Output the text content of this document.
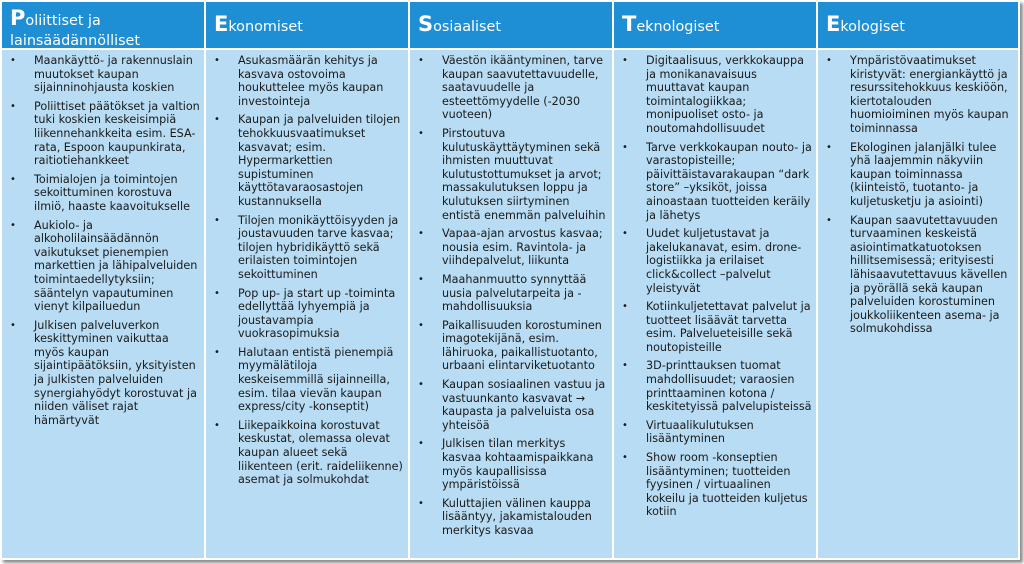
Poliittiset ja
lainsäädännölliset
• Maankäyttö- ja rakennuslain muutokset kaupan sijainninohjausta koskien
• Poliittiset päätökset ja valtion tuki koskien keskeisimpiä liikennehankkeita esim. ESA-rata, Espoon kaupunkirata, raitiotiehankkeet
• Toimialojen ja toimintojen sekoittuminen korostuva ilmiö, haaste kaavoitukselle
• Aukiolo- ja alkoholilainsäädännön vaikutukset pienempien markettien ja lähipalveluiden toimintaedellytyksiin; sääntelyn vapautuminen vienyt kilpailuedun
• Julkisen palveluverkon keskittyminen vaikuttaa myös kaupan sijaintipäätöksiin, yksityisten ja julkisten palveluiden synergiahyödyt korostuvat ja niiden väliset rajat hämärtyvät
Ekonomiset
• Asukasmäärän kehitys ja kasvava ostovoima houkuttelee myös kaupan investointeja
• Kaupan ja palveluiden tilojen tehokkuusvaatimukset kasvavat; esim. Hypermarkettien supistuminen käyttötavaraosastojen kustannuksella
• Tilojen monikäyttöisyyden ja joustavuuden tarve kasvaa; tilojen hybridikäyttö sekä erilaisten toimintojen sekoittuminen
• Pop up- ja start up -toiminta edellyttää lyhyempiä ja joustavampia vuokrasopimuksia
• Halutaan entistä pienempiä myymälätiloja keskeisemmillä sijainneilla, esim. tilaa vievän kaupan express/city -konseptit)
• Liikepaikkoina korostuvat keskustat, olemassa olevat kaupan alueet sekä liikenteen (erit. raideliikenne) asemat ja solmukohdat
Sosiaaliset
• Väestön ikääntyminen, tarve kaupan saavutettavuudelle, saatavuudelle ja esteettömyydelle (-2030 vuoteen)
• Pirstoutuva kulutuskäyttäytyminen sekä ihmisten muuttuvat kulutustottumukset ja arvot; massakulutuksen loppu ja kulutuksen siirtyminen entistä enemmän palveluihin
• Vapaa-ajan arvostus kasvaa; nousia esim. Ravintola- ja viihdepalvelut, liikunta
• Maahanmuutto synnyttää uusia palvelutarpeita ja -mahdollisuuksia
• Paikallisuuden korostuminen imagotekijänä, esim. lähiruoka, paikallistuotanto, urbaani elintarviketuotanto
• Kaupan sosiaalinen vastuu ja vastuunkanto kasvavat → kaupasta ja palveluista osa yhteisöä
• Julkisen tilan merkitys kasvaa kohtaamispaikkana myös kaupallisissa ympäristöissä
• Kuluttajien välinen kauppa lisääntyy, jakamistalouden merkitys kasvaa
Teknologiset
• Digitaalisuus, verkkokauppa ja monikanavaisuus muuttavat kaupan toimintalogiikkaa; monipuoliset osto- ja noutomahdollisuudet
• Tarve verkkokaupan nouto- ja varastopisteille; päivittäistavarakaupan “dark store” –yksiköt, joissa ainoastaan tuotteiden keräily ja lähetys
• Uudet kuljetustavat ja jakelukanavat, esim. drone-logistiikka ja erilaiset click&collect –palvelut yleistyvät
• Kotiinkuljetettavat palvelut ja tuotteet lisäävät tarvetta esim. Palvelueteisille sekä noutopisteille
• 3D-printtauksen tuomat mahdollisuudet; varaosien printtaaminen kotona / keskitetyissä palvelupisteissä
• Virtuaalikulutuksen lisääntyminen
• Show room -konseptien lisääntyminen; tuotteiden fyysinen / virtuaalinen kokeilu ja tuotteiden kuljetus kotiin
Ekologiset
• Ympäristövaatimukset kiristyvät: energiankäyttö ja resurssitehokkuus keskiöön, kiertotalouden huomioiminen myös kaupan toiminnassa
• Ekologinen jalanjälki tulee yhä laajemmin näkyviin kaupan toiminnassa (kiinteistö, tuotanto- ja kuljetusketju ja asiointi)
• Kaupan saavutettavuuden turvaaminen keskeistä asiointimatkatuotoksen hillitsemisessä; erityisesti lähisaavutettavuus kävellen ja pyörällä sekä kaupan palveluiden korostuminen joukkoliikenteen asema- ja solmukohdissa
